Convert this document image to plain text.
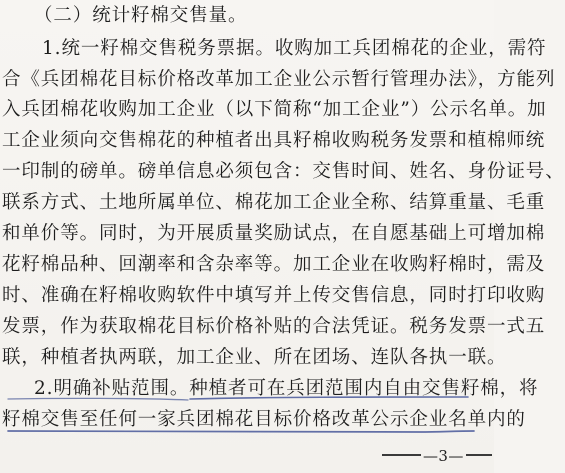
（二）统计籽棉交售量。
1.统一籽棉交售税务票据。收购加工兵团棉花的企业，需符
合《兵团棉花目标价格改革加工企业公示暂行管理办法》，方能列
入兵团棉花收购加工企业（以下简称“加工企业”）公示名单。加
工企业须向交售棉花的种植者出具籽棉收购税务发票和植棉师统
一印制的磅单。磅单信息必须包含：交售时间、姓名、身份证号、
联系方式、土地所属单位、棉花加工企业全称、结算重量、毛重
和单价等。同时，为开展质量奖励试点，在自愿基础上可增加棉
花籽棉品种、回潮率和含杂率等。加工企业在收购籽棉时，需及
时、准确在籽棉收购软件中填写并上传交售信息，同时打印收购
发票，作为获取棉花目标价格补贴的合法凭证。税务发票一式五
联，种植者执两联，加工企业、所在团场、连队各执一联。
2.明确补贴范围。种植者可在兵团范围内自由交售籽棉，将
籽棉交售至任何一家兵团棉花目标价格改革公示企业名单内的
—3—
